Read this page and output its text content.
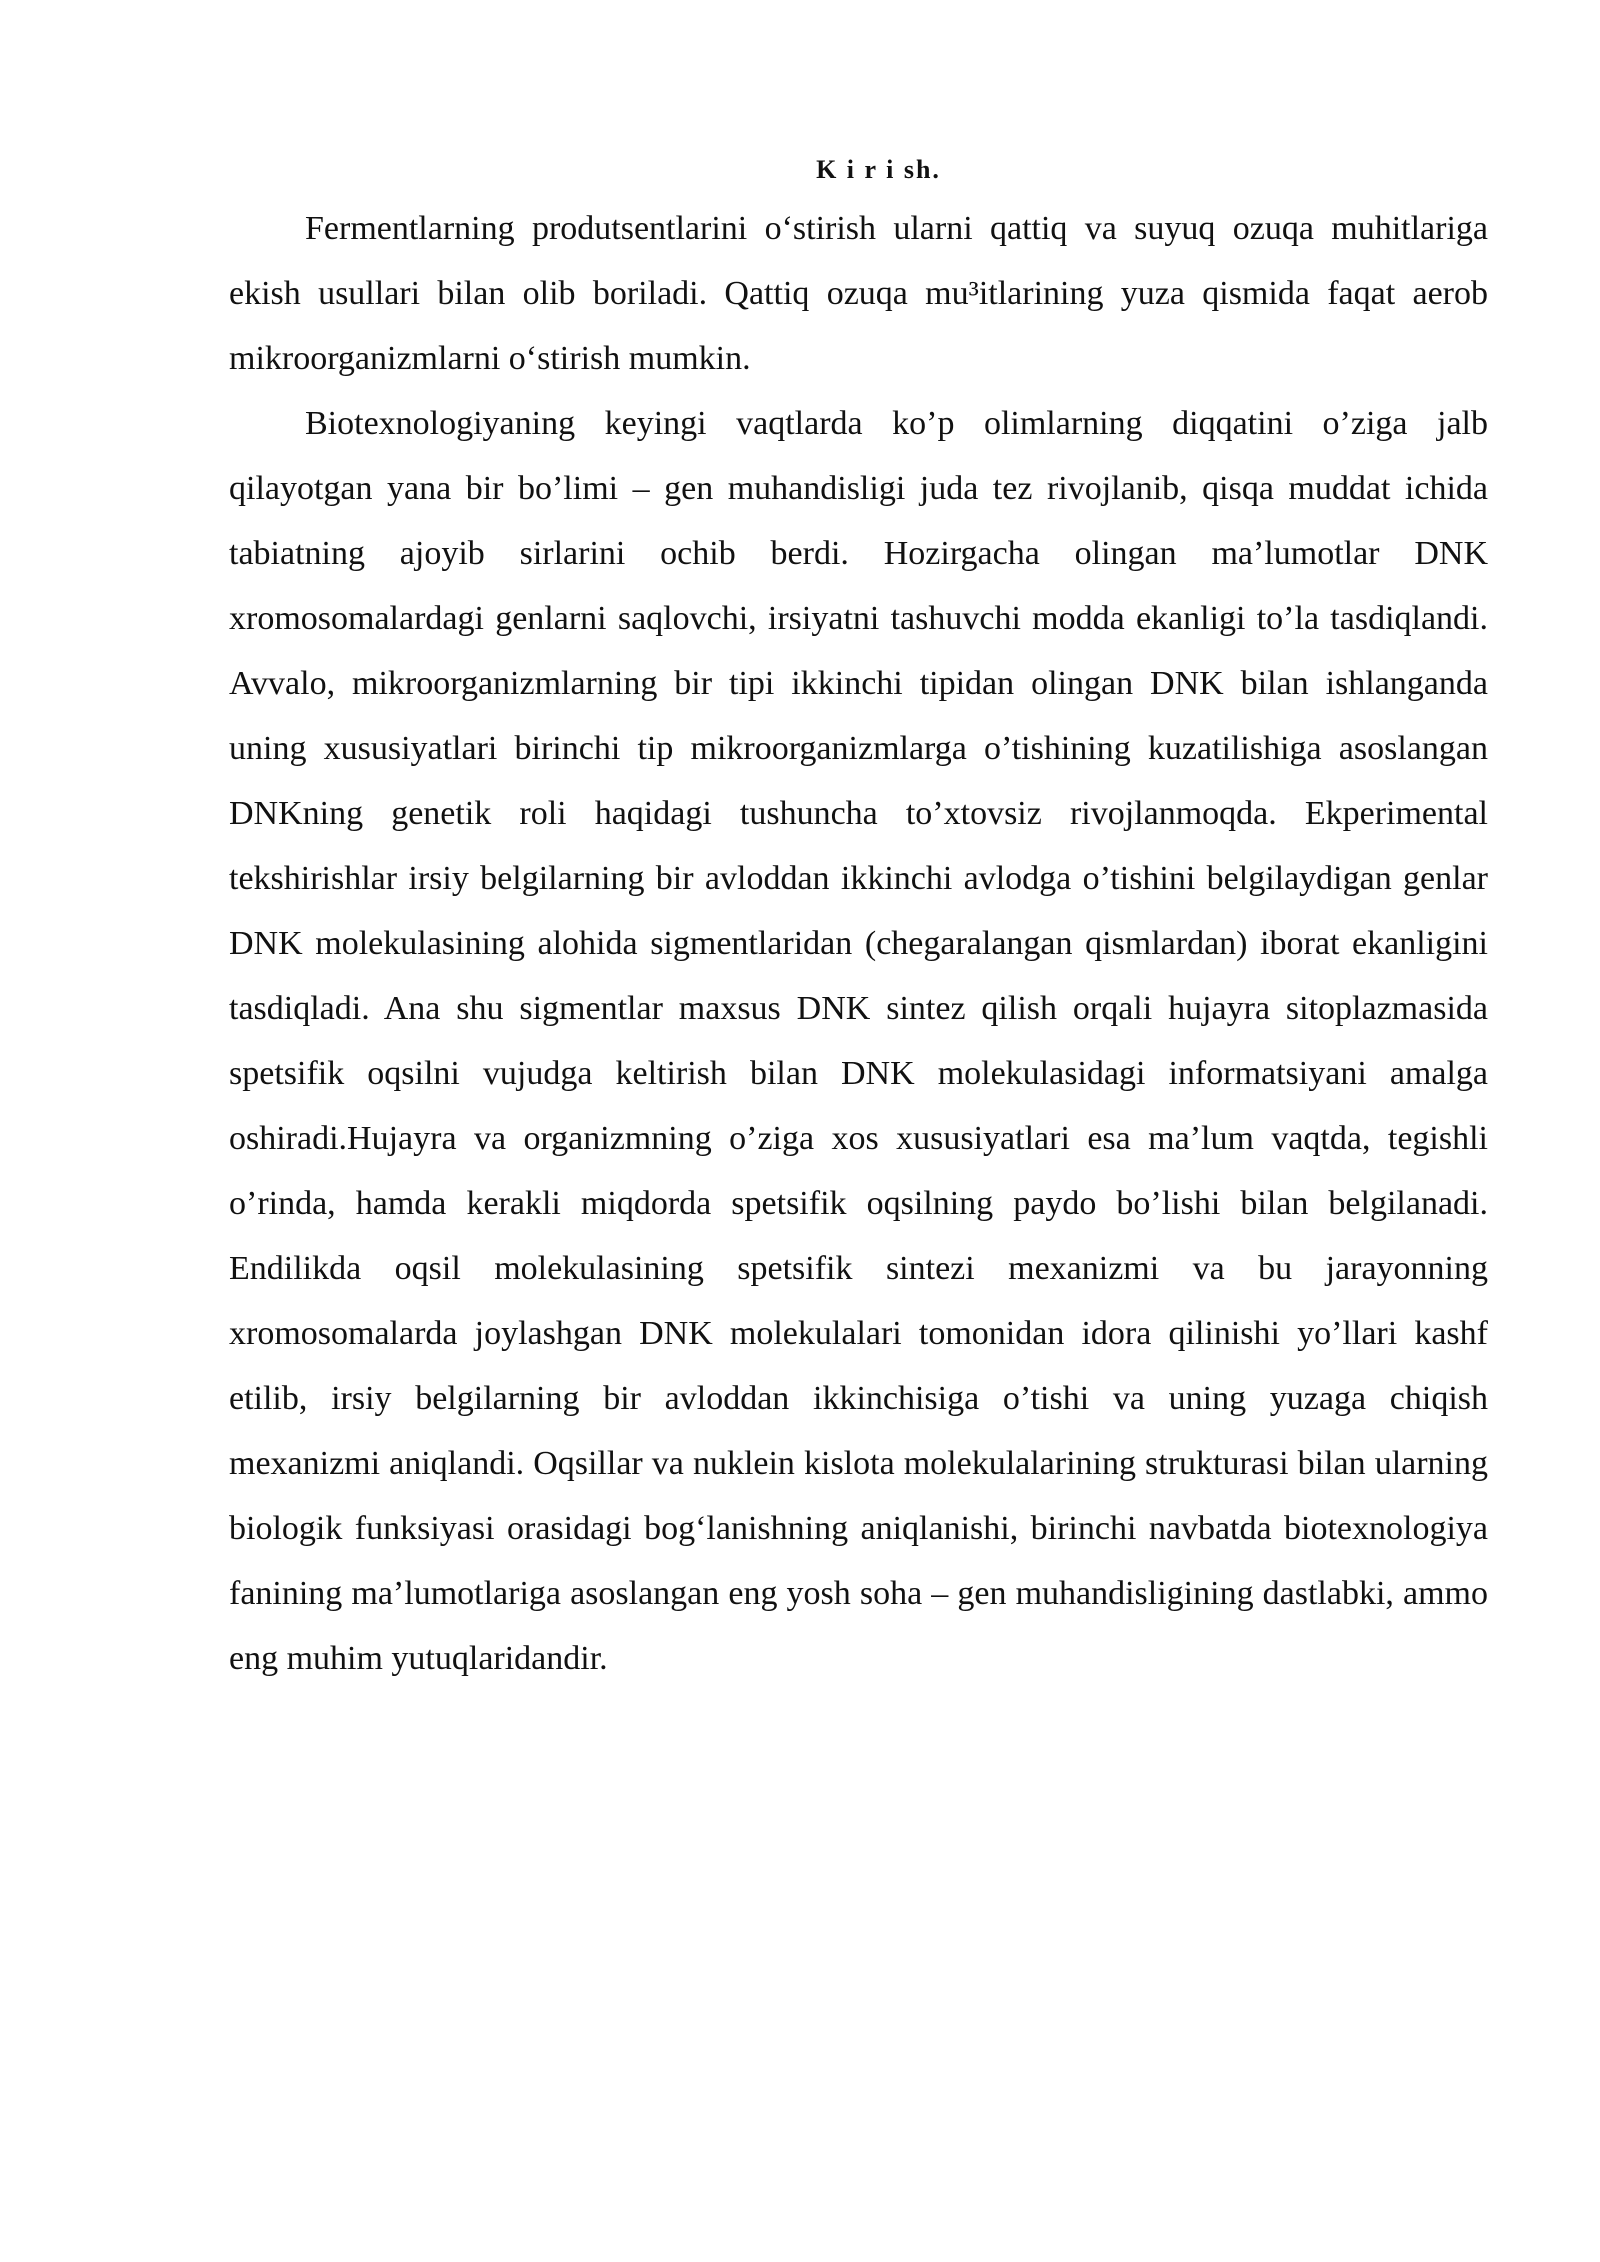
K i r i sh.

Fermentlarning produtsentlarini o‘stirish ularni qattiq va suyuq ozuqa muhitlariga ekish usullari bilan olib boriladi. Qattiq ozuqa mu³itlarining yuza qismida faqat aerob mikroorganizmlarni o‘stirish mumkin.

Biotexnologiyaning keyingi vaqtlarda ko’p olimlarning diqqatini o’ziga jalb qilayotgan yana bir bo’limi – gen muhandisligi juda tez rivojlanib, qisqa muddat ichida tabiatning ajoyib sirlarini ochib berdi. Hozirgacha olingan ma’lumotlar DNK xromosomalardagi genlarni saqlovchi, irsiyatni tashuvchi modda ekanligi to’la tasdiqlandi. Avvalo, mikroorganizmlarning bir tipi ikkinchi tipidan olingan DNK bilan ishlanganda uning xususiyatlari birinchi tip mikroorganizmlarga o’tishining kuzatilishiga asoslangan DNKning genetik roli haqidagi tushuncha to’xtovsiz rivojlanmoqda. Ekperimental tekshirishlar irsiy belgilarning bir avloddan ikkinchi avlodga o’tishini belgilaydigan genlar DNK molekulasining alohida sigmentlaridan (chegaralangan qismlardan) iborat ekanligini tasdiqladi. Ana shu sigmentlar maxsus DNK sintez qilish orqali hujayra sitoplazmasida spetsifik oqsilni vujudga keltirish bilan DNK molekulasidagi informatsiyani amalga oshiradi.Hujayra va organizmning o’ziga xos xususiyatlari esa ma’lum vaqtda, tegishli o’rinda, hamda kerakli miqdorda spetsifik oqsilning paydo bo’lishi bilan belgilanadi. Endilikda oqsil molekulasining spetsifik sintezi mexanizmi va bu jarayonning xromosomalarda joylashgan DNK molekulalari tomonidan idora qilinishi yo’llari kashf etilib, irsiy belgilarning bir avloddan ikkinchisiga o’tishi va uning yuzaga chiqish mexanizmi aniqlandi. Oqsillar va nuklein kislota molekulalarining strukturasi bilan ularning biologik funksiyasi orasidagi bog‘lanishning aniqlanishi, birinchi navbatda biotexnologiya fanining ma’lumotlariga asoslangan eng yosh soha – gen muhandisligining dastlabki, ammo eng muhim yutuqlaridandir.
